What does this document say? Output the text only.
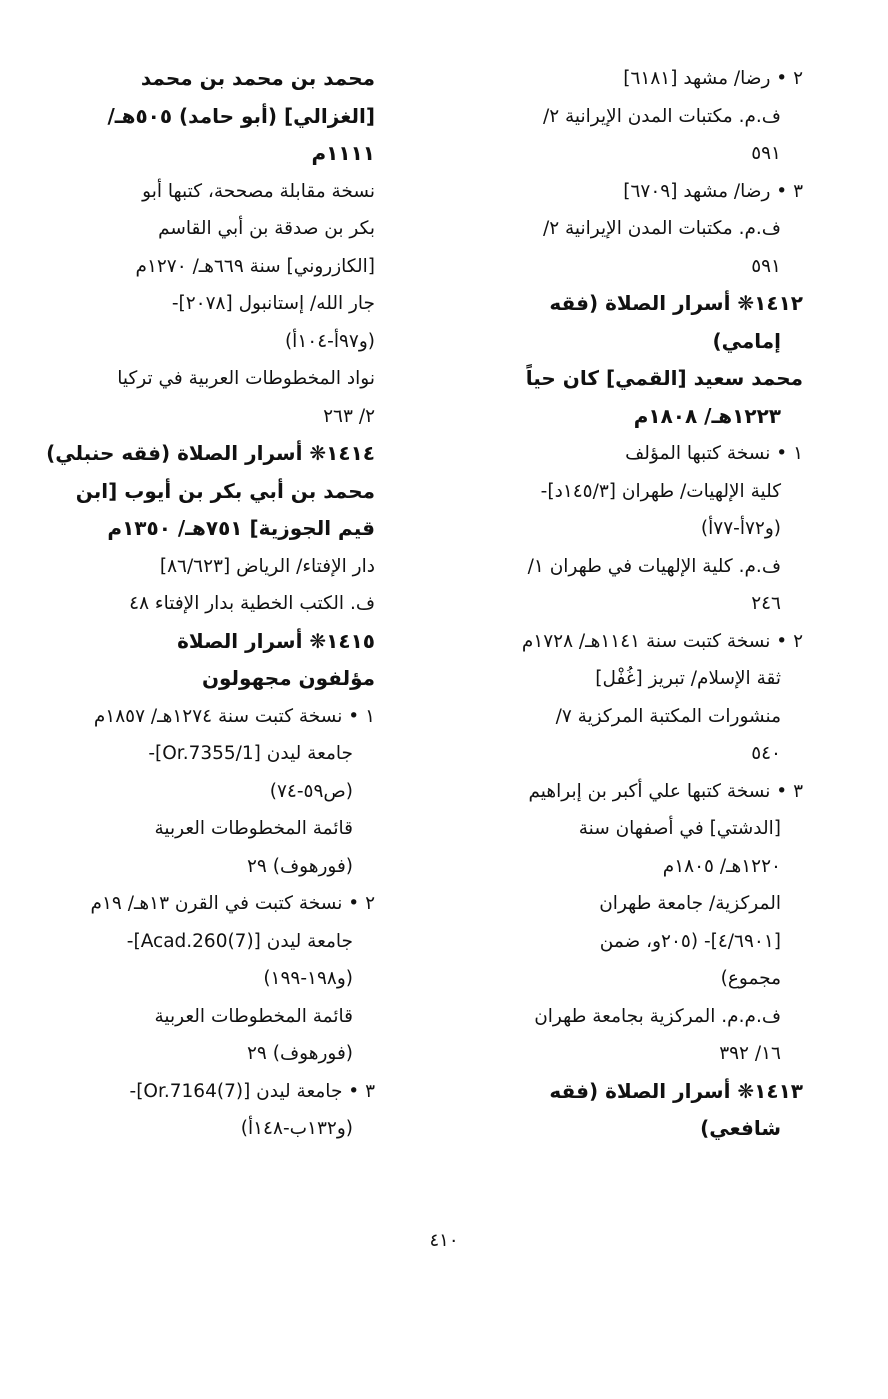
٢ • رضا/ مشهد [٦١٨١]
ف.م. مكتبات المدن الإيرانية ٢/
٥٩١
٣ • رضا/ مشهد [٦٧٠٩]
ف.م. مكتبات المدن الإيرانية ٢/
٥٩١
١٤١٢❋ أسرار الصلاة (فقه
إمامي)
محمد سعيد [القمي] كان حياً
١٢٢٣هـ/ ١٨٠٨م
١ • نسخة كتبها المؤلف
كلية الإلهيات/ طهران [١٤٥/٣د]-
(و٧٢أ-٧٧أ)
ف.م. كلية الإلهيات في طهران ١/
٢٤٦
٢ • نسخة كتبت سنة ١١٤١هـ/ ١٧٢٨م
ثقة الإسلام/ تبريز [غُفْل]
منشورات المكتبة المركزية ٧/
٥٤٠
٣ • نسخة كتبها علي أكبر بن إبراهيم
[الدشتي] في أصفهان سنة
١٢٢٠هـ/ ١٨٠٥م
المركزية/ جامعة طهران
[٤/٦٩٠١]- (٢٠٥و، ضمن
مجموع)
ف.م.م. المركزية بجامعة طهران
١٦/ ٣٩٢
١٤١٣❋ أسرار الصلاة (فقه
شافعي)
محمد بن محمد بن محمد
[الغزالي] (أبو حامد) ٥٠٥هـ/
١١١١م
نسخة مقابلة مصححة، كتبها أبو
بكر بن صدقة بن أبي القاسم
[الكازروني] سنة ٦٦٩هـ/ ١٢٧٠م
جار الله/ إستانبول [٢٠٧٨]-
(و٩٧أ-١٠٤أ)
نواد المخطوطات العربية في تركيا
٢/ ٢٦٣
١٤١٤❋ أسرار الصلاة (فقه حنبلي)
محمد بن أبي بكر بن أيوب [ابن
قيم الجوزية] ٧٥١هـ/ ١٣٥٠م
دار الإفتاء/ الرياض [٨٦/٦٢٣]
ف. الكتب الخطية بدار الإفتاء ٤٨
١٤١٥❋ أسرار الصلاة
مؤلفون مجهولون
١ • نسخة كتبت سنة ١٢٧٤هـ/ ١٨٥٧م
جامعة ليدن [Or.7355/1]-
(ص٥٩-٧٤)
قائمة المخطوطات العربية
(فورهوف) ٢٩
٢ • نسخة كتبت في القرن ١٣هـ/ ١٩م
جامعة ليدن [Acad.260(7)]-
(و١٩٨-١٩٩)
قائمة المخطوطات العربية
(فورهوف) ٢٩
٣ • جامعة ليدن [Or.7164(7)]-
(و١٣٢ب-١٤٨أ)
٤١٠
